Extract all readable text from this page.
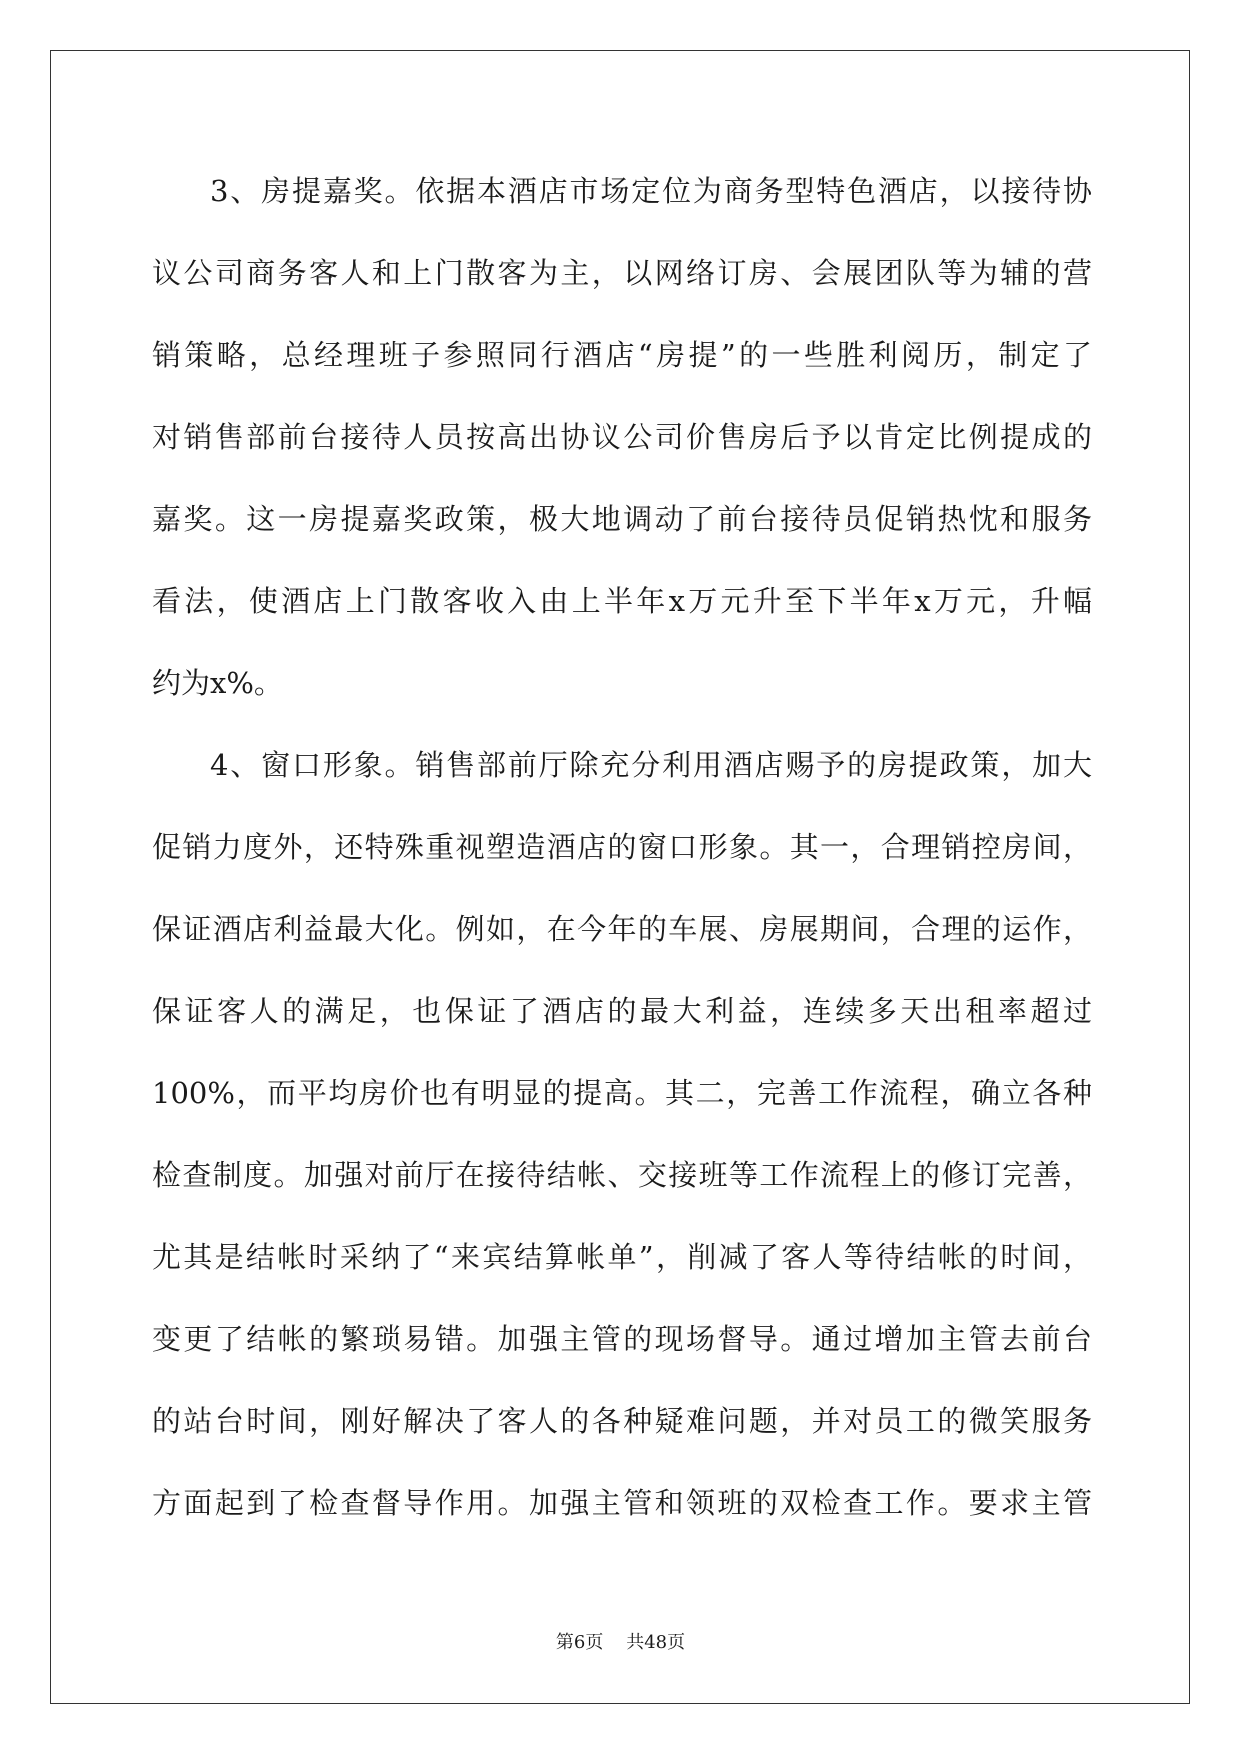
3、房提嘉奖。依据本酒店市场定位为商务型特色酒店，以接待协
议公司商务客人和上门散客为主，以网络订房、会展团队等为辅的营
销策略，总经理班子参照同行酒店“房提”的一些胜利阅历，制定了
对销售部前台接待人员按高出协议公司价售房后予以肯定比例提成的
嘉奖。这一房提嘉奖政策，极大地调动了前台接待员促销热忱和服务
看法，使酒店上门散客收入由上半年x万元升至下半年x万元，升幅
约为x%。
4、窗口形象。销售部前厅除充分利用酒店赐予的房提政策，加大
促销力度外，还特殊重视塑造酒店的窗口形象。其一，合理销控房间，
保证酒店利益最大化。例如，在今年的车展、房展期间，合理的运作，
保证客人的满足，也保证了酒店的最大利益，连续多天出租率超过
100%，而平均房价也有明显的提高。其二，完善工作流程，确立各种
检查制度。加强对前厅在接待结帐、交接班等工作流程上的修订完善，
尤其是结帐时采纳了“来宾结算帐单”，削减了客人等待结帐的时间，
变更了结帐的繁琐易错。加强主管的现场督导。通过增加主管去前台
的站台时间，刚好解决了客人的各种疑难问题，并对员工的微笑服务
方面起到了检查督导作用。加强主管和领班的双检查工作。要求主管
第6页 共48页
